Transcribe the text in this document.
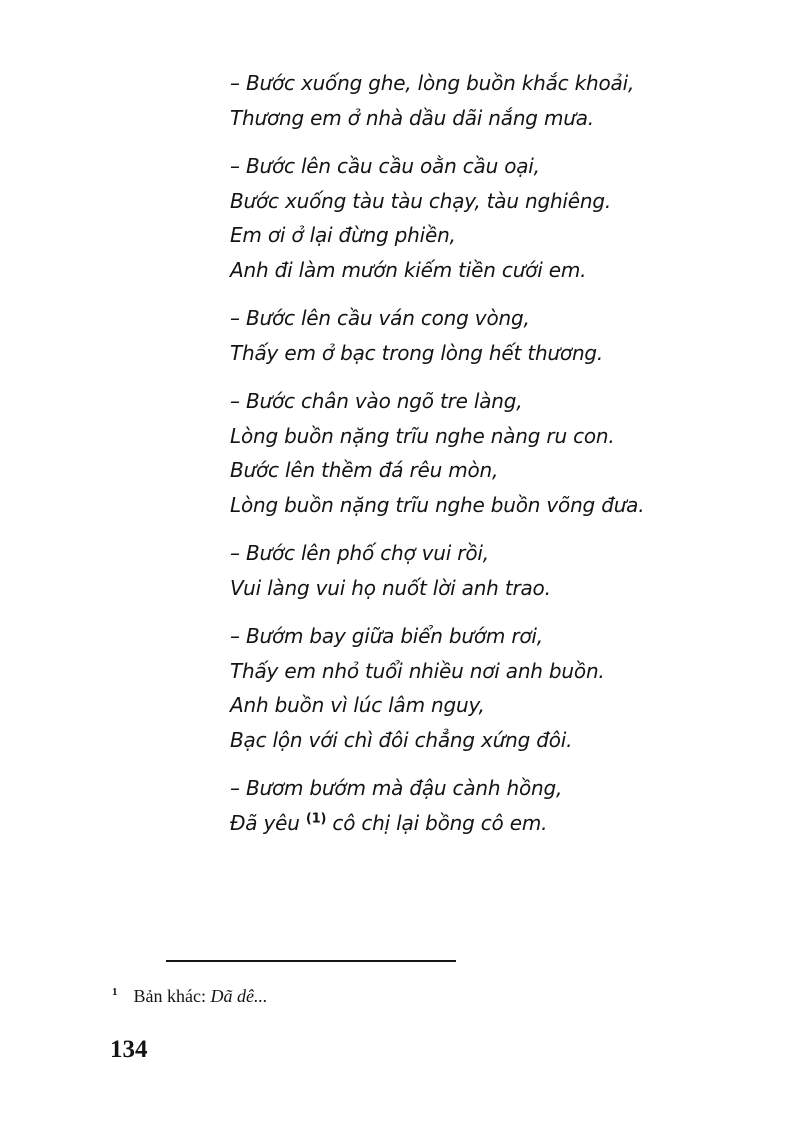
– Bước xuống ghe, lòng buồn khắc khoải,
Thương em ở nhà dầu dãi nắng mưa.
– Bước lên cầu cầu oằn cầu oại,
Bước xuống tàu tàu chạy, tàu nghiêng.
Em ơi ở lại đừng phiền,
Anh đi làm mướn kiếm tiền cưới em.
– Bước lên cầu ván cong vòng,
Thấy em ở bạc trong lòng hết thương.
– Bước chân vào ngõ tre làng,
Lòng buồn nặng trĩu nghe nàng ru con.
Bước lên thềm đá rêu mòn,
Lòng buồn nặng trĩu nghe buồn võng đưa.
– Bước lên phố chợ vui rồi,
Vui làng vui họ nuốt lời anh trao.
– Bướm bay giữa biển bướm rơi,
Thấy em nhỏ tuổi nhiều nơi anh buồn.
Anh buồn vì lúc lâm nguy,
Bạc lộn với chì đôi chẳng xứng đôi.
– Bươm bướm mà đậu cành hồng,
Đã yêu $^{(1)}$ cô chị lại bồng cô em.
$^1$ Bản khác: Dã dê...
134
